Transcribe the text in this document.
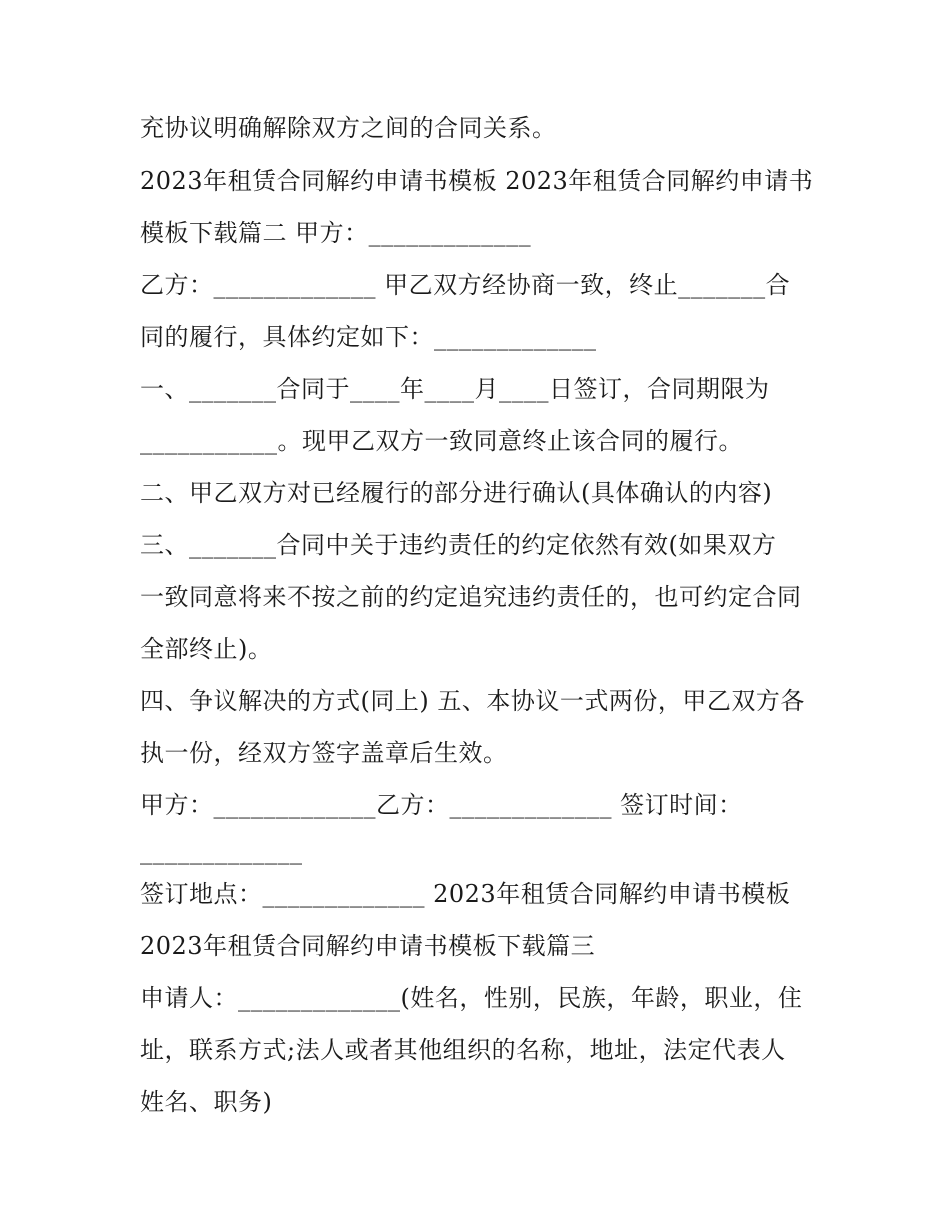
充协议明确解除双方之间的合同关系。
2023年租赁合同解约申请书模板 2023年租赁合同解约申请书
模板下载篇二 甲方：_____________
乙方：_____________ 甲乙双方经协商一致，终止_______合
同的履行，具体约定如下：_____________
一、_______合同于____年____月____日签订，合同期限为
___________。现甲乙双方一致同意终止该合同的履行。
二、甲乙双方对已经履行的部分进行确认(具体确认的内容)
三、_______合同中关于违约责任的约定依然有效(如果双方
一致同意将来不按之前的约定追究违约责任的，也可约定合同
全部终止)。
四、争议解决的方式(同上) 五、本协议一式两份，甲乙双方各
执一份，经双方签字盖章后生效。
甲方：_____________乙方：_____________ 签订时间：
_____________
签订地点：_____________ 2023年租赁合同解约申请书模板
2023年租赁合同解约申请书模板下载篇三
申请人：_____________(姓名，性别，民族，年龄，职业，住
址，联系方式;法人或者其他组织的名称，地址，法定代表人
姓名、职务)
